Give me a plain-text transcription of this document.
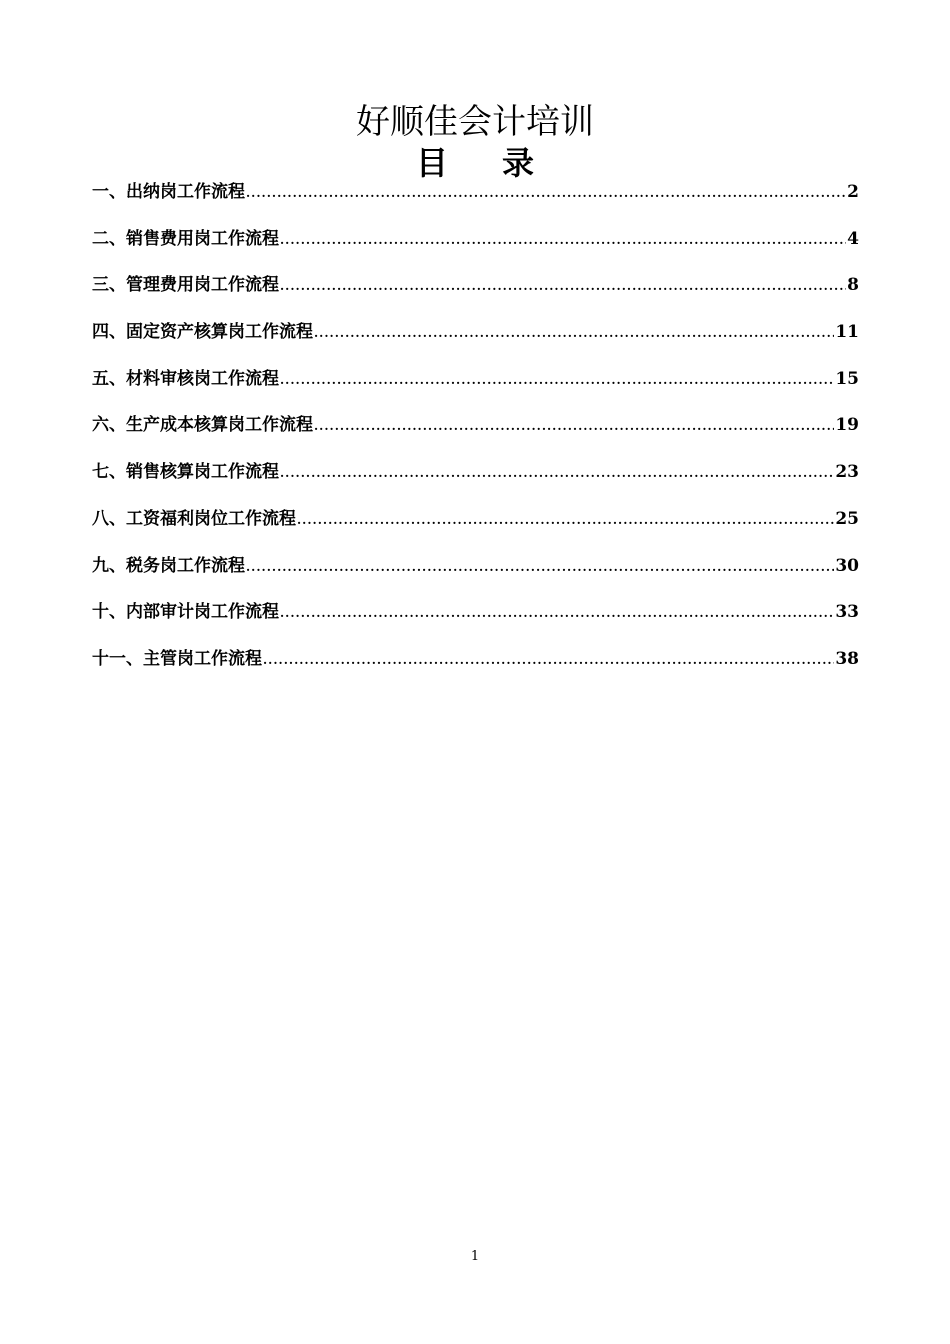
好顺佳会计培训
目 录
一、出纳岗工作流程 .....	2
二、销售费用岗工作流程 .....	4
三、管理费用岗工作流程 .....	8
四、固定资产核算岗工作流程 .....	11
五、材料审核岗工作流程 .....	15
六、生产成本核算岗工作流程 .....	19
七、销售核算岗工作流程 .....	23
八、工资福利岗位工作流程 .....	25
九、税务岗工作流程 .....	30
十、内部审计岗工作流程 .....	33
十一、主管岗工作流程 .....	38
1
